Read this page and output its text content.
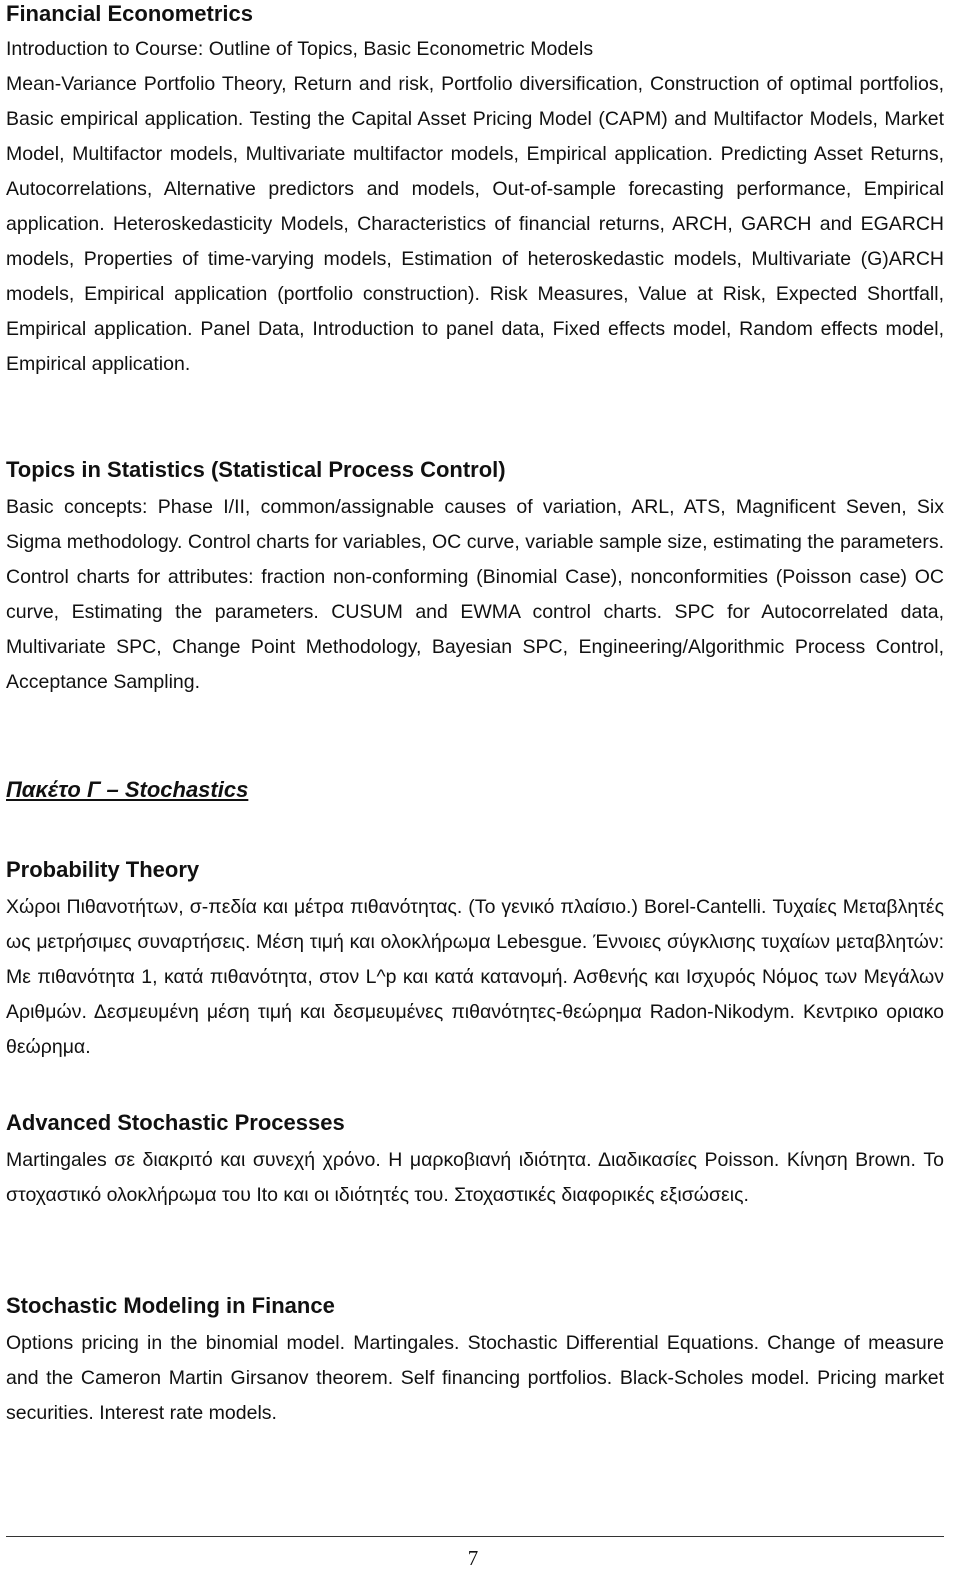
Financial Econometrics

Introduction to Course: Outline of Topics, Basic Econometric Models

Mean-Variance Portfolio Theory, Return and risk, Portfolio diversification, Construction of optimal portfolios, Basic empirical application. Testing the Capital Asset Pricing Model (CAPM) and Multifactor Models, Market Model, Multifactor models, Multivariate multifactor models, Empirical application. Predicting Asset Returns, Autocorrelations, Alternative predictors and models, Out-of-sample forecasting performance, Empirical application. Heteroskedasticity Models, Characteristics of financial returns, ARCH, GARCH and EGARCH models, Properties of time-varying models, Estimation of heteroskedastic models, Multivariate (G)ARCH models, Empirical application (portfolio construction). Risk Measures, Value at Risk, Expected Shortfall, Empirical application. Panel Data, Introduction to panel data, Fixed effects model, Random effects model, Empirical application.

Topics in Statistics (Statistical Process Control)

Basic concepts: Phase I/II, common/assignable causes of variation, ARL, ATS, Magnificent Seven, Six Sigma methodology. Control charts for variables, OC curve, variable sample size, estimating the parameters. Control charts for attributes: fraction non-conforming (Binomial Case), nonconformities (Poisson case) OC curve, Estimating the parameters. CUSUM and EWMA control charts. SPC for Autocorrelated data, Multivariate SPC, Change Point Methodology, Bayesian SPC, Engineering/Algorithmic Process Control, Acceptance Sampling.

Πακέτο Γ – Stochastics
Probability Theory

Χώροι Πιθανοτήτων, σ-πεδία και μέτρα πιθανότητας. (Το γενικό πλαίσιο.) Borel-Cantelli. Τυχαίες Μεταβλητές ως μετρήσιμες συναρτήσεις. Μέση τιμή και ολοκλήρωμα Lebesgue. Έννοιες σύγκλισης τυχαίων μεταβλητών: Με πιθανότητα 1, κατά πιθανότητα, στον L^p και κατά κατανομή. Ασθενής και Ισχυρός Νόμος των Μεγάλων Αριθμών. Δεσμευμένη μέση τιμή και δεσμευμένες πιθανότητες-θεώρημα Radon-Nikodym. Κεντρικο οριακο θεώρημα.

Advanced Stochastic Processes

Martingales σε διακριτό και συνεχή χρόνο. Η μαρκοβιανή ιδιότητα. Διαδικασίες Poisson. Κίνηση Brown. Το στοχαστικό ολοκλήρωμα του Ito και οι ιδιότητές του. Στοχαστικές διαφορικές εξισώσεις.

Stochastic Modeling in Finance

Options pricing in the binomial model. Martingales. Stochastic Differential Equations. Change of measure and the Cameron Martin Girsanov theorem. Self financing portfolios. Black-Scholes model. Pricing market securities. Interest rate models.

7
